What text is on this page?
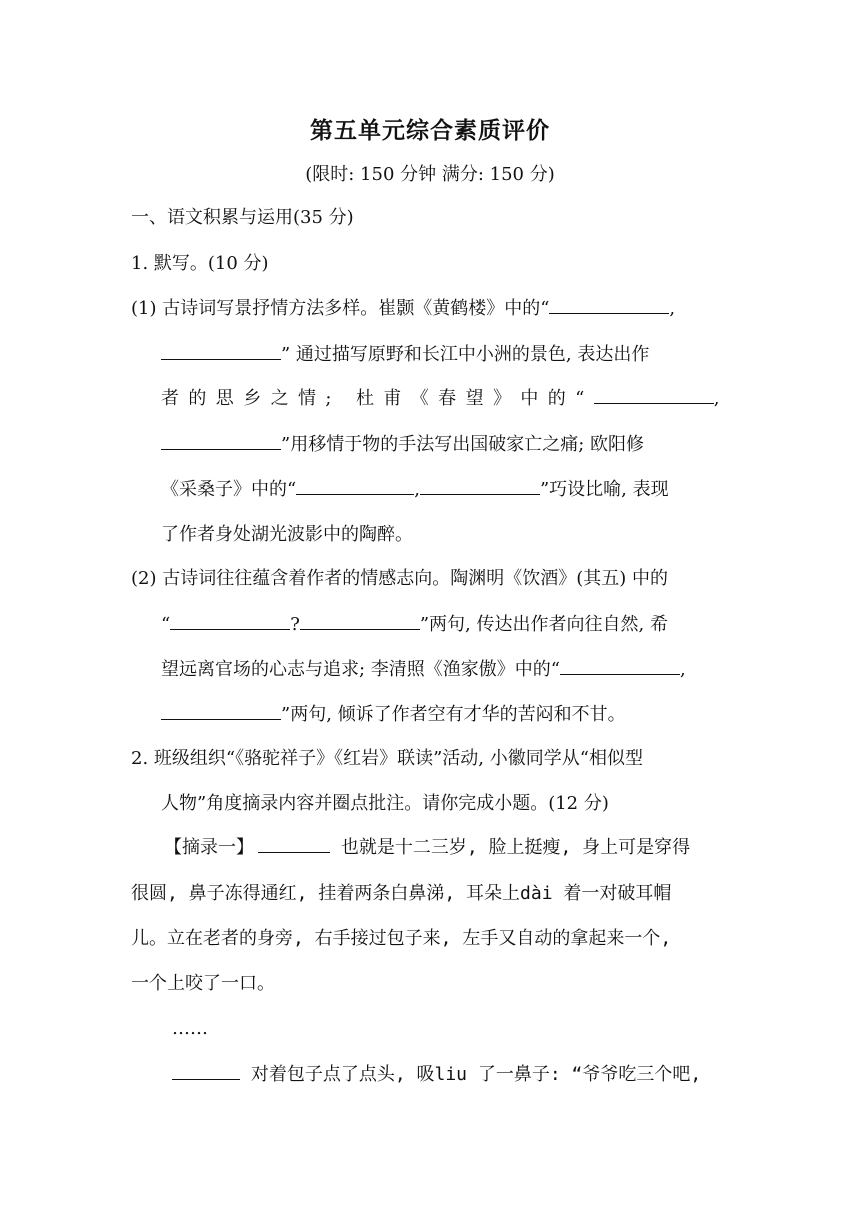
第五单元综合素质评价
(限时: 150 分钟 满分: 150 分)
一、语文积累与运用(35 分)
1. 默写。(10 分)
(1) 古诗词写景抒情方法多样。崔颢《黄鹤楼》中的“	,
” 通过描写原野和长江中小洲的景色, 表达出作
者的思乡之情; 杜甫《春望》中的“	,
”用移情于物的手法写出国破家亡之痛; 欧阳修
《采桑子》中的“	,	”巧设比喻, 表现
了作者身处湖光波影中的陶醉。
(2) 古诗词往往蕴含着作者的情感志向。陶渊明《饮酒》(其五) 中的
“	?	”两句, 传达出作者向往自然, 希
望远离官场的心志与追求; 李清照《渔家傲》中的“	,
”两句, 倾诉了作者空有才华的苦闷和不甘。
2. 班级组织“《骆驼祥子》《红岩》联读”活动, 小徽同学从“相似型
人物”角度摘录内容并圈点批注。请你完成小题。(12 分)
【摘录一】	也就是十二三岁, 脸上挺瘦, 身上可是穿得
很圆, 鼻子冻得通红, 挂着两条白鼻涕, 耳朵上dài 着一对破耳帽
儿。立在老者的身旁, 右手接过包子来, 左手又自动的拿起来一个,
一个上咬了一口。
……
对着包子点了点头, 吸liu 了一鼻子: “爷爷吃三个吧,
